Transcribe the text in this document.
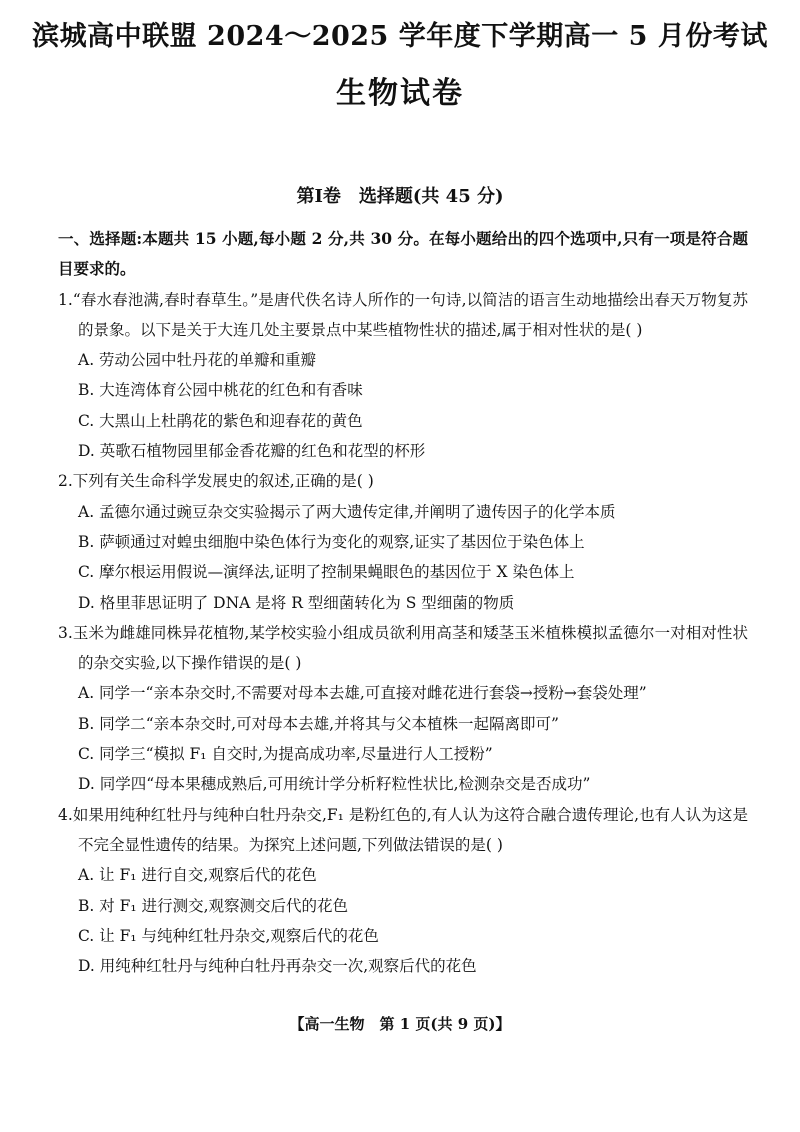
滨城高中联盟 2024～2025 学年度下学期高一 5 月份考试
生物试卷
第Ⅰ卷 选择题(共 45 分)
一、选择题:本题共 15 小题,每小题 2 分,共 30 分。在每小题给出的四个选项中,只有一项是符合题目要求的。
1.“春水春池满,春时春草生。”是唐代佚名诗人所作的一句诗,以简洁的语言生动地描绘出春天万物复苏的景象。以下是关于大连几处主要景点中某些植物性状的描述,属于相对性状的是( )
A. 劳动公园中牡丹花的单瓣和重瓣
B. 大连湾体育公园中桃花的红色和有香味
C. 大黑山上杜鹃花的紫色和迎春花的黄色
D. 英歌石植物园里郁金香花瓣的红色和花型的杯形
2.下列有关生命科学发展史的叙述,正确的是( )
A. 孟德尔通过豌豆杂交实验揭示了两大遗传定律,并阐明了遗传因子的化学本质
B. 萨顿通过对蝗虫细胞中染色体行为变化的观察,证实了基因位于染色体上
C. 摩尔根运用假说—演绎法,证明了控制果蝇眼色的基因位于 X 染色体上
D. 格里菲思证明了 DNA 是将 R 型细菌转化为 S 型细菌的物质
3.玉米为雌雄同株异花植物,某学校实验小组成员欲利用高茎和矮茎玉米植株模拟孟德尔一对相对性状的杂交实验,以下操作错误的是( )
A. 同学一“亲本杂交时,不需要对母本去雄,可直接对雌花进行套袋→授粉→套袋处理”
B. 同学二“亲本杂交时,可对母本去雄,并将其与父本植株一起隔离即可”
C. 同学三“模拟 F₁ 自交时,为提高成功率,尽量进行人工授粉”
D. 同学四“母本果穗成熟后,可用统计学分析籽粒性状比,检测杂交是否成功”
4.如果用纯种红牡丹与纯种白牡丹杂交,F₁ 是粉红色的,有人认为这符合融合遗传理论,也有人认为这是不完全显性遗传的结果。为探究上述问题,下列做法错误的是( )
A. 让 F₁ 进行自交,观察后代的花色
B. 对 F₁ 进行测交,观察测交后代的花色
C. 让 F₁ 与纯种红牡丹杂交,观察后代的花色
D. 用纯种红牡丹与纯种白牡丹再杂交一次,观察后代的花色
【高一生物　第 1 页(共 9 页)】
